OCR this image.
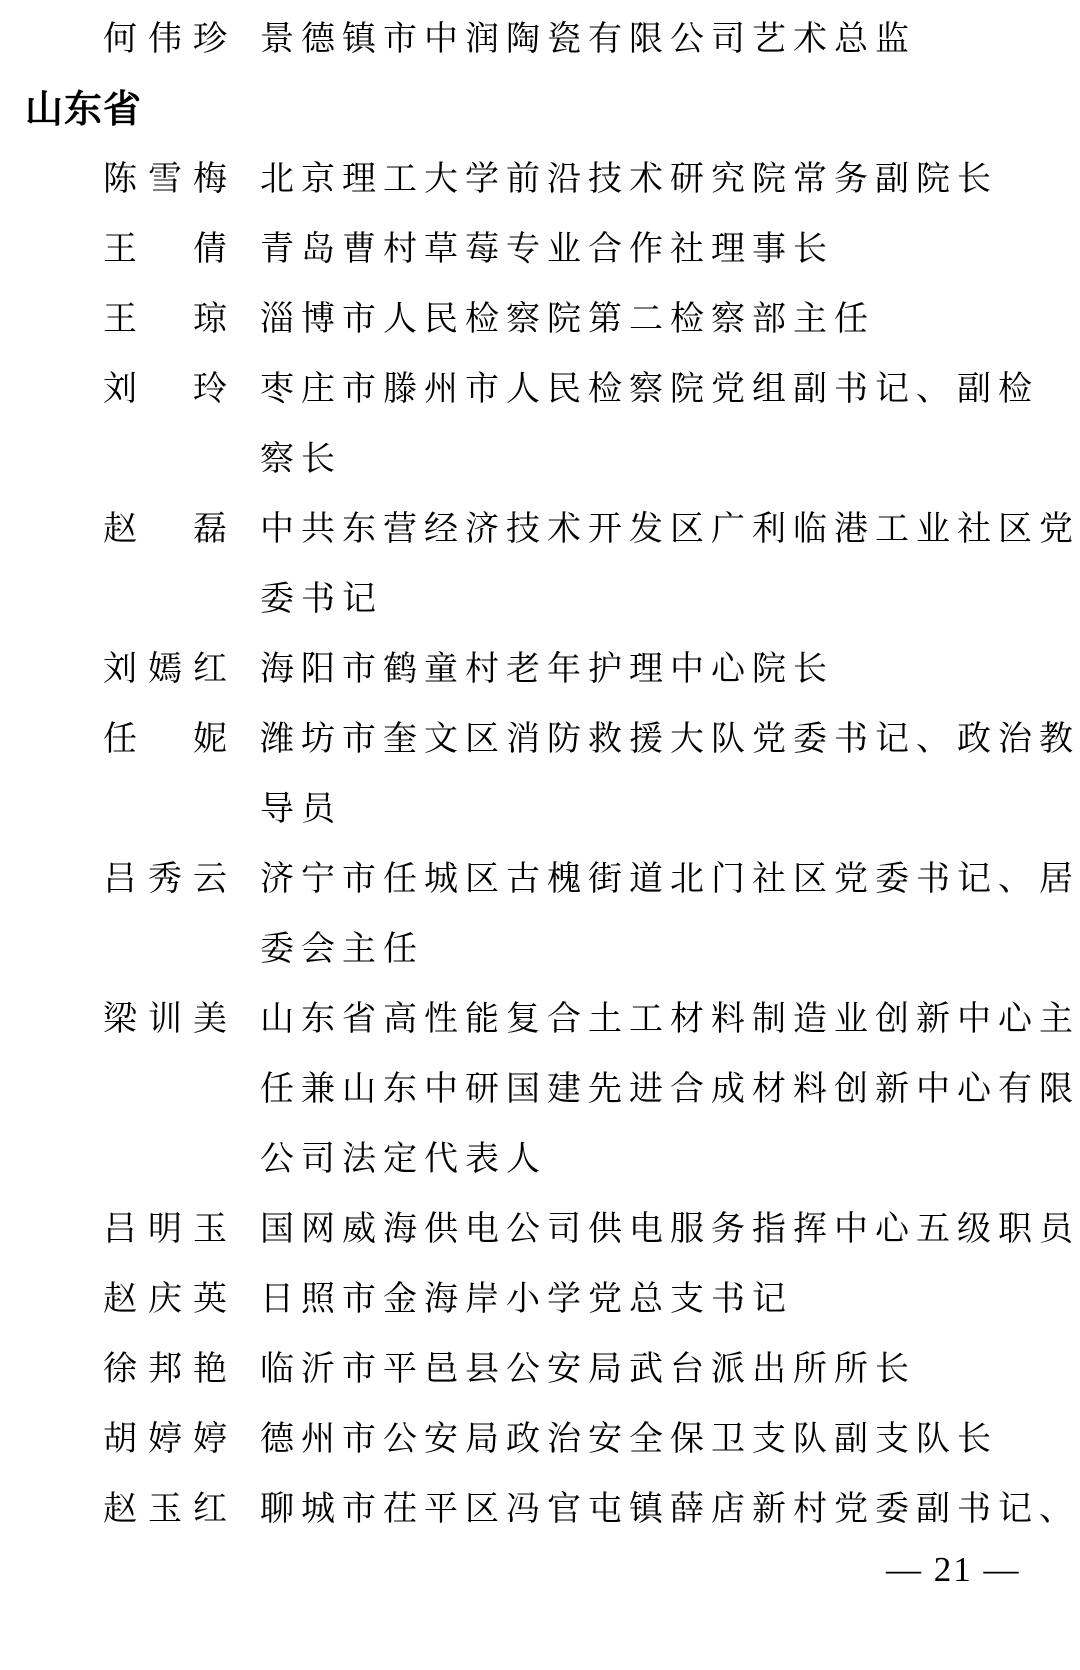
何 伟 珍 景德镇市中润陶瓷有限公司艺术总监
山东省
陈 雪 梅 北京理工大学前沿技术研究院常务副院长
王 倩 青岛曹村草莓专业合作社理事长
王 琼 淄博市人民检察院第二检察部主任
刘 玲 枣庄市滕州市人民检察院党组副书记、副检
察长
赵 磊 中共东营经济技术开发区广利临港工业社区党
委书记
刘 嫣 红 海阳市鹤童村老年护理中心院长
任 妮 潍坊市奎文区消防救援大队党委书记、政治教
导员
吕 秀 云 济宁市任城区古槐街道北门社区党委书记、居
委会主任
梁 训 美 山东省高性能复合土工材料制造业创新中心主
任兼山东中研国建先进合成材料创新中心有限
公司法定代表人
吕 明 玉 国网威海供电公司供电服务指挥中心五级职员
赵 庆 英 日照市金海岸小学党总支书记
徐 邦 艳 临沂市平邑县公安局武台派出所所长
胡 婷 婷 德州市公安局政治安全保卫支队副支队长
赵 玉 红 聊城市茌平区冯官屯镇薛店新村党委副书记、
— 21 —
